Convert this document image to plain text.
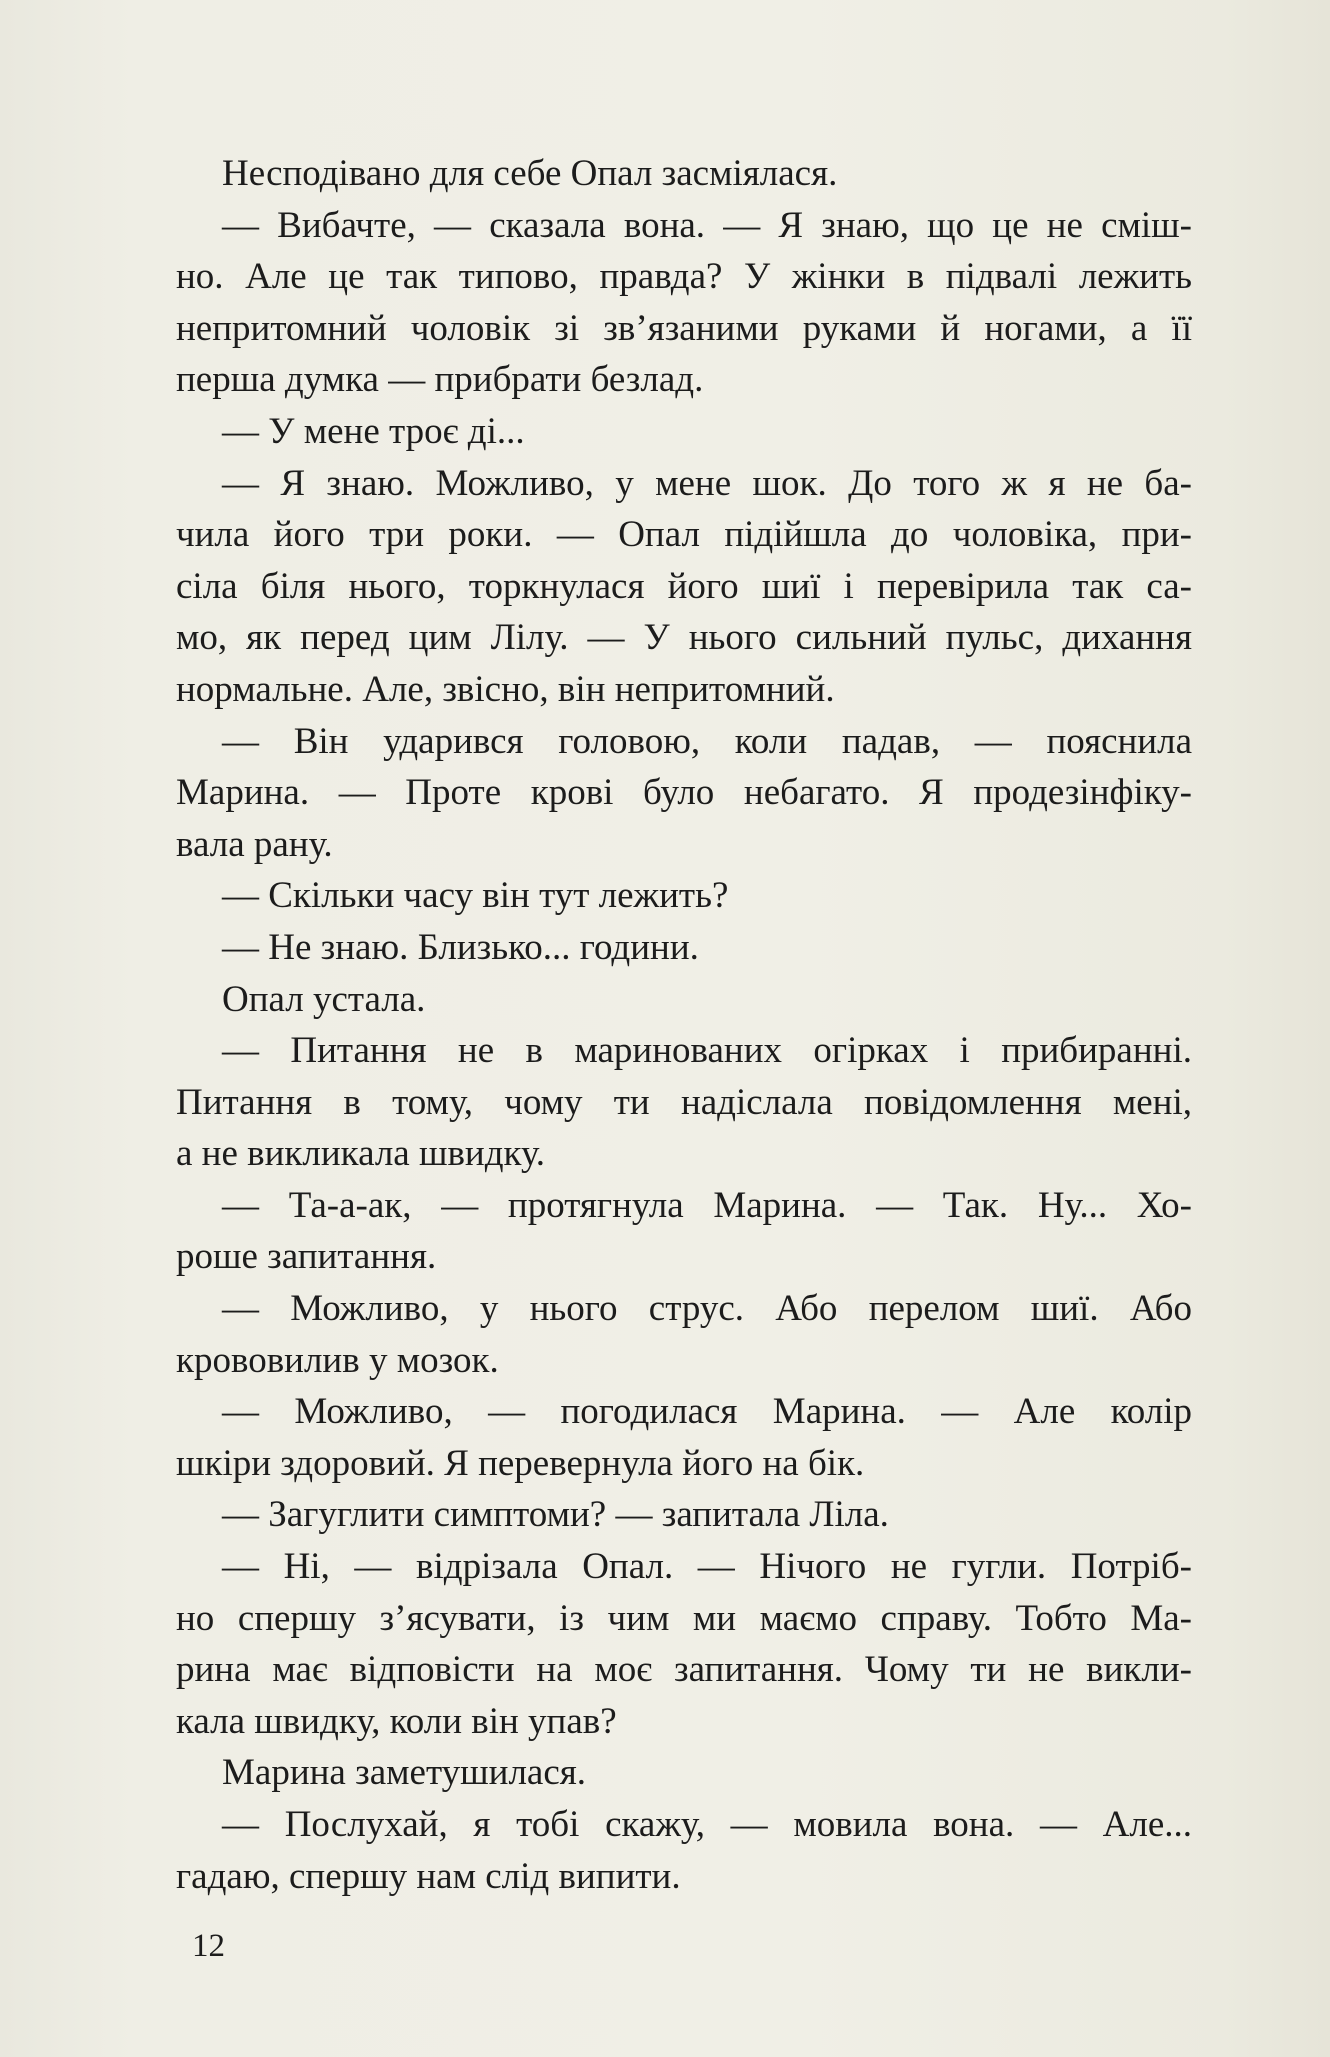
Несподівано для себе Опал засміялася.
— Вибачте, — сказала вона. — Я знаю, що це не сміш-
но. Але це так типово, правда? У жінки в підвалі лежить
непритомний чоловік зі зв’язаними руками й ногами, а її
перша думка — прибрати безлад.
— У мене троє ді...
— Я знаю. Можливо, у мене шок. До того ж я не ба-
чила його три роки. — Опал підійшла до чоловіка, при-
сіла біля нього, торкнулася його шиї і перевірила так са-
мо, як перед цим Лілу. — У нього сильний пульс, дихання
нормальне. Але, звісно, він непритомний.
— Він ударився головою, коли падав, — пояснила
Марина. — Проте крові було небагато. Я продезінфіку-
вала рану.
— Скільки часу він тут лежить?
— Не знаю. Близько... години.
Опал устала.
— Питання не в маринованих огірках і прибиранні.
Питання в тому, чому ти надіслала повідомлення мені,
а не викликала швидку.
— Та-а-ак, — протягнула Марина. — Так. Ну... Хо-
роше запитання.
— Можливо, у нього струс. Або перелом шиї. Або
крововилив у мозок.
— Можливо, — погодилася Марина. — Але колір
шкіри здоровий. Я перевернула його на бік.
— Загуглити симптоми? — запитала Ліла.
— Ні, — відрізала Опал. — Нічого не гугли. Потріб-
но спершу з’ясувати, із чим ми маємо справу. Тобто Ма-
рина має відповісти на моє запитання. Чому ти не викли-
кала швидку, коли він упав?
Марина заметушилася.
— Послухай, я тобі скажу, — мовила вона. — Але...
гадаю, спершу нам слід випити.
12
